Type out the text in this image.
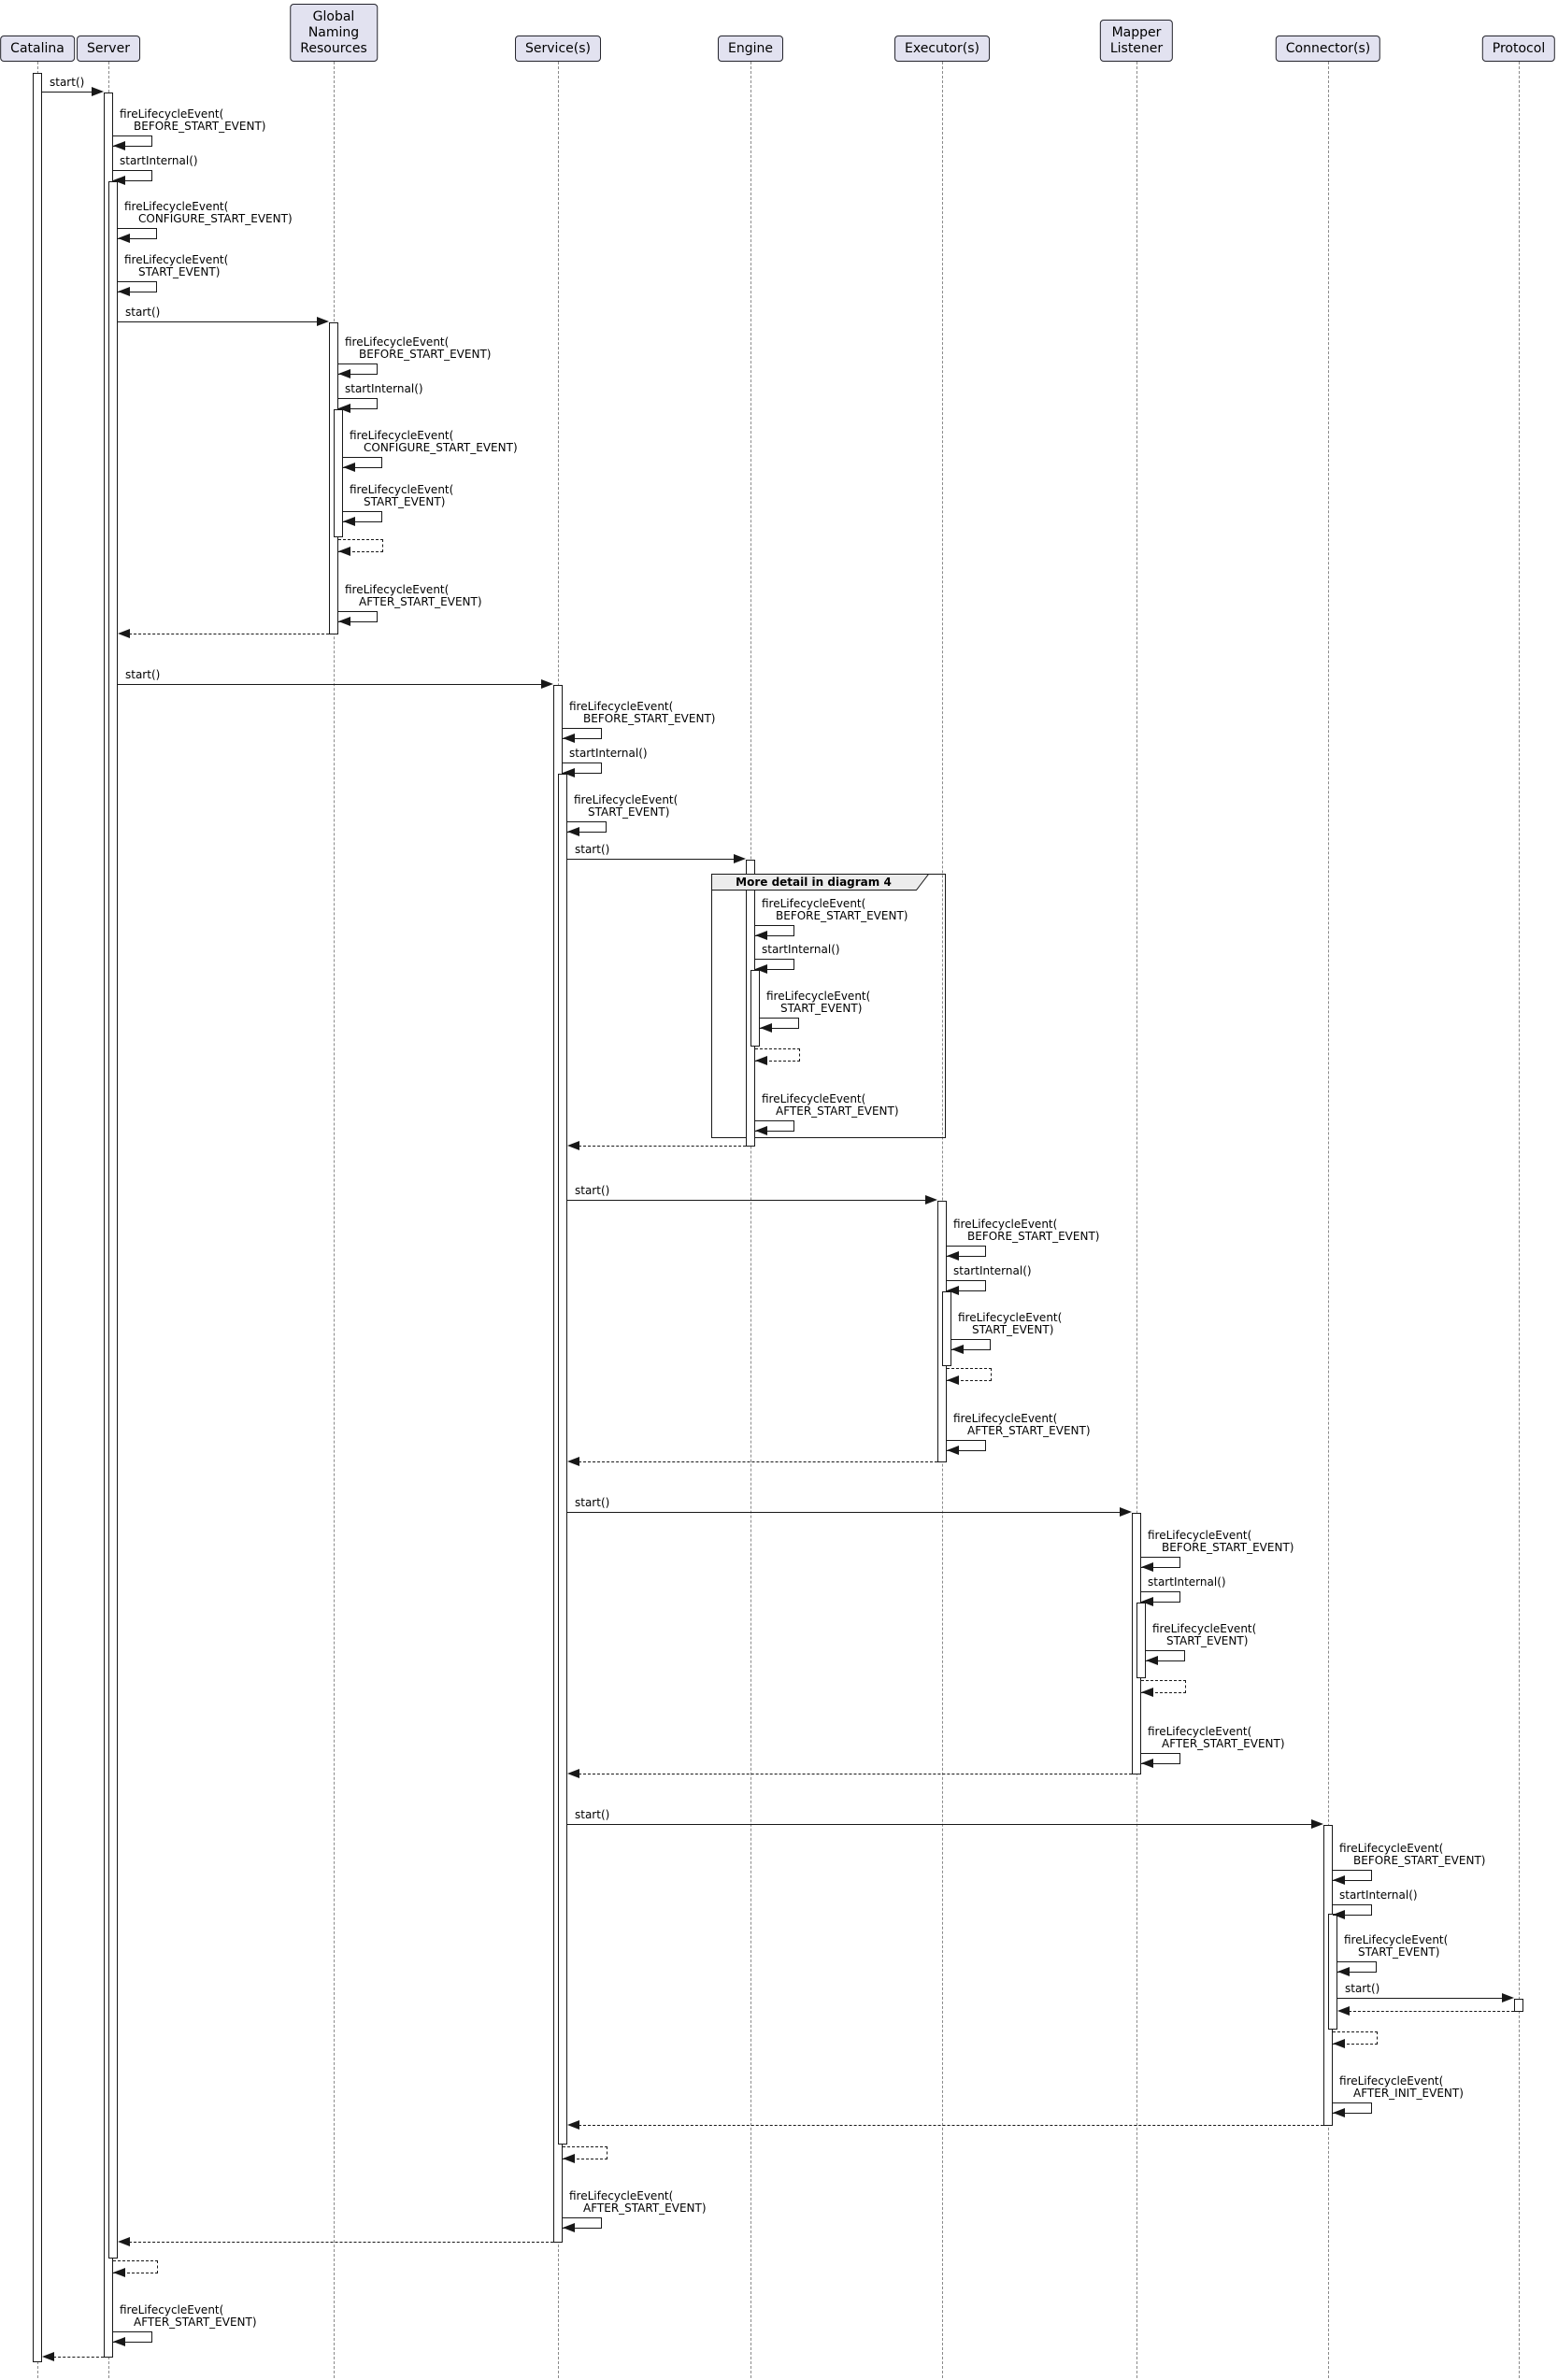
More detail in diagram 4
Catalina Server
Global
Naming
Resources	Service(s)	Engine	Executor(s)
Mapper
Listener	Connector(s)	Protocol
start()
fireLifecycleEvent(
BEFORE_START_EVENT)
startInternal()
fireLifecycleEvent(
CONFIGURE_START_EVENT)
fireLifecycleEvent(
START_EVENT)
start()
fireLifecycleEvent(
BEFORE_START_EVENT)
startInternal()
fireLifecycleEvent(
CONFIGURE_START_EVENT)
fireLifecycleEvent(
START_EVENT)
fireLifecycleEvent(
AFTER_START_EVENT)
start()
fireLifecycleEvent(
BEFORE_START_EVENT)
startInternal()
fireLifecycleEvent(
START_EVENT)
start()
fireLifecycleEvent(
BEFORE_START_EVENT)
startInternal()
fireLifecycleEvent(
START_EVENT)
fireLifecycleEvent(
AFTER_START_EVENT)
start()
fireLifecycleEvent(
BEFORE_START_EVENT)
startInternal()
fireLifecycleEvent(
START_EVENT)
fireLifecycleEvent(
AFTER_START_EVENT)
start()
fireLifecycleEvent(
BEFORE_START_EVENT)
startInternal()
fireLifecycleEvent(
START_EVENT)
fireLifecycleEvent(
AFTER_START_EVENT)
start()
fireLifecycleEvent(
BEFORE_START_EVENT)
startInternal()
fireLifecycleEvent(
START_EVENT)
start()
fireLifecycleEvent(
AFTER_INIT_EVENT)
fireLifecycleEvent(
AFTER_START_EVENT)
fireLifecycleEvent(
AFTER_START_EVENT)
